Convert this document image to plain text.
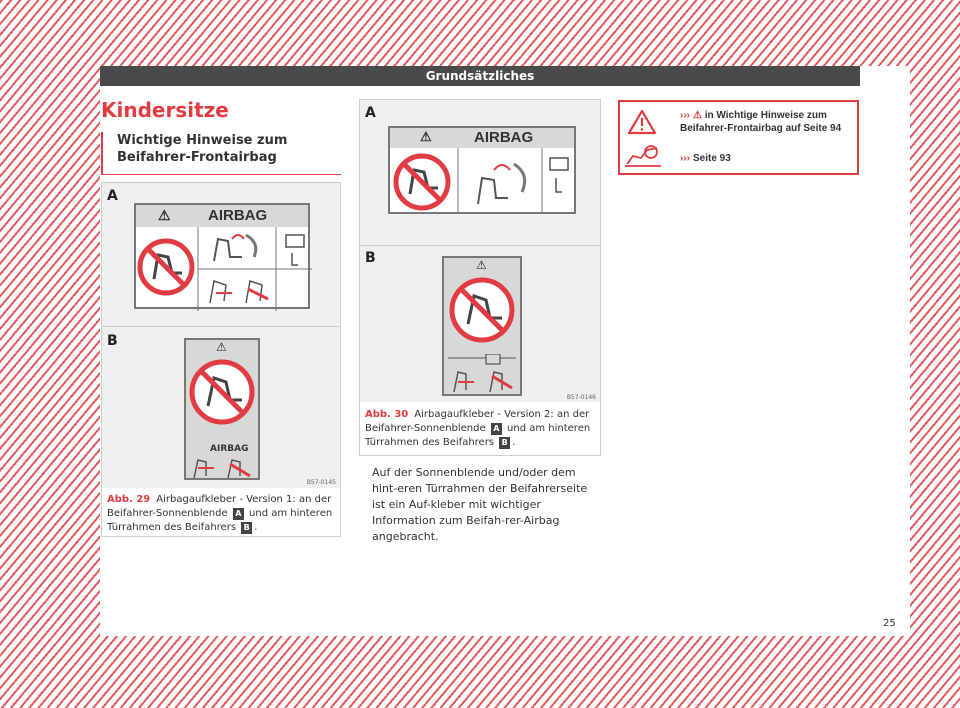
Grundsätzliches
Kindersitze
Wichtige Hinweise zum Beifahrer-Frontairbag
A
⚠ AIRBAG
B	⚠
AIRBAG
B57-0145
Abb. 29 Airbagaufkleber - Version 1: an der Beifahrer-Sonnenblende A und am hinteren Türrahmen des Beifahrers B .
A
⚠	AIRBAG
B	⚠
B57-0146
Abb. 30 Airbagaufkleber - Version 2: an der Beifahrer-Sonnenblende A und am hinteren Türrahmen des Beifahrers B .
Auf der Sonnenblende und/oder dem hint-eren Türrahmen der Beifahrerseite ist ein Auf-kleber mit wichtiger Information zum Beifah-rer-Airbag angebracht.
››› ⚠ in Wichtige Hinweise zum Beifahrer-Frontairbag auf Seite 94
››› Seite 93
25
